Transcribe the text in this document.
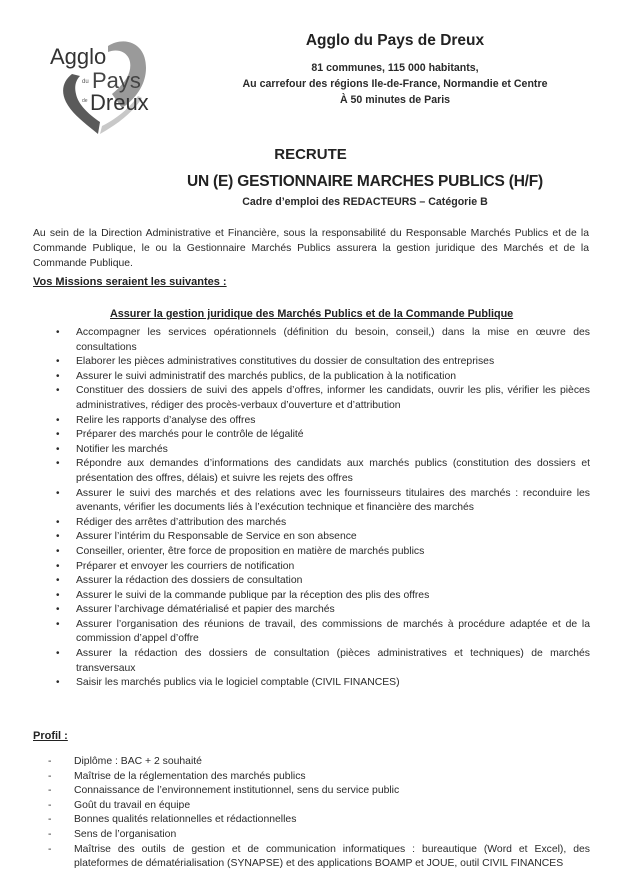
Agglo
du Pays
de Dreux
Agglo du Pays de Dreux
81 communes, 115 000 habitants,
Au carrefour des régions Ile-de-France, Normandie et Centre
À 50 minutes de Paris
RECRUTE
UN (E) GESTIONNAIRE MARCHES PUBLICS (H/F)
Cadre d’emploi des REDACTEURS – Catégorie B
Au sein de la Direction Administrative et Financière, sous la responsabilité du Responsable Marchés Publics et de la Commande Publique, le ou la Gestionnaire Marchés Publics assurera la gestion juridique des Marchés et de la Commande Publique.
Vos Missions seraient les suivantes :
Assurer la gestion juridique des Marchés Publics et de la Commande Publique
• Accompagner les services opérationnels (définition du besoin, conseil,) dans la mise en œuvre des consultations
• Elaborer les pièces administratives constitutives du dossier de consultation des entreprises
• Assurer le suivi administratif des marchés publics, de la publication à la notification
• Constituer des dossiers de suivi des appels d’offres, informer les candidats, ouvrir les plis, vérifier les pièces administratives, rédiger des procès-verbaux d’ouverture et d’attribution
• Relire les rapports d’analyse des offres
• Préparer des marchés pour le contrôle de légalité
• Notifier les marchés
• Répondre aux demandes d’informations des candidats aux marchés publics (constitution des dossiers et présentation des offres, délais) et suivre les rejets des offres
• Assurer le suivi des marchés et des relations avec les fournisseurs titulaires des marchés : reconduire les avenants, vérifier les documents liés à l’exécution technique et financière des marchés
• Rédiger des arrêtes d’attribution des marchés
• Assurer l’intérim du Responsable de Service en son absence
• Conseiller, orienter, être force de proposition en matière de marchés publics
• Préparer et envoyer les courriers de notification
• Assurer la rédaction des dossiers de consultation
• Assurer le suivi de la commande publique par la réception des plis des offres
• Assurer l’archivage dématérialisé et papier des marchés
• Assurer l’organisation des réunions de travail, des commissions de marchés à procédure adaptée et de la commission d’appel d’offre
• Assurer la rédaction des dossiers de consultation (pièces administratives et techniques) de marchés transversaux
• Saisir les marchés publics via le logiciel comptable (CIVIL FINANCES)
Profil :
- Diplôme : BAC + 2 souhaité
- Maîtrise de la réglementation des marchés publics
- Connaissance de l’environnement institutionnel, sens du service public
- Goût du travail en équipe
- Bonnes qualités relationnelles et rédactionnelles
- Sens de l’organisation
- Maîtrise des outils de gestion et de communication informatiques : bureautique (Word et Excel), des plateformes de dématérialisation (SYNAPSE) et des applications BOAMP et JOUE, outil CIVIL FINANCES
